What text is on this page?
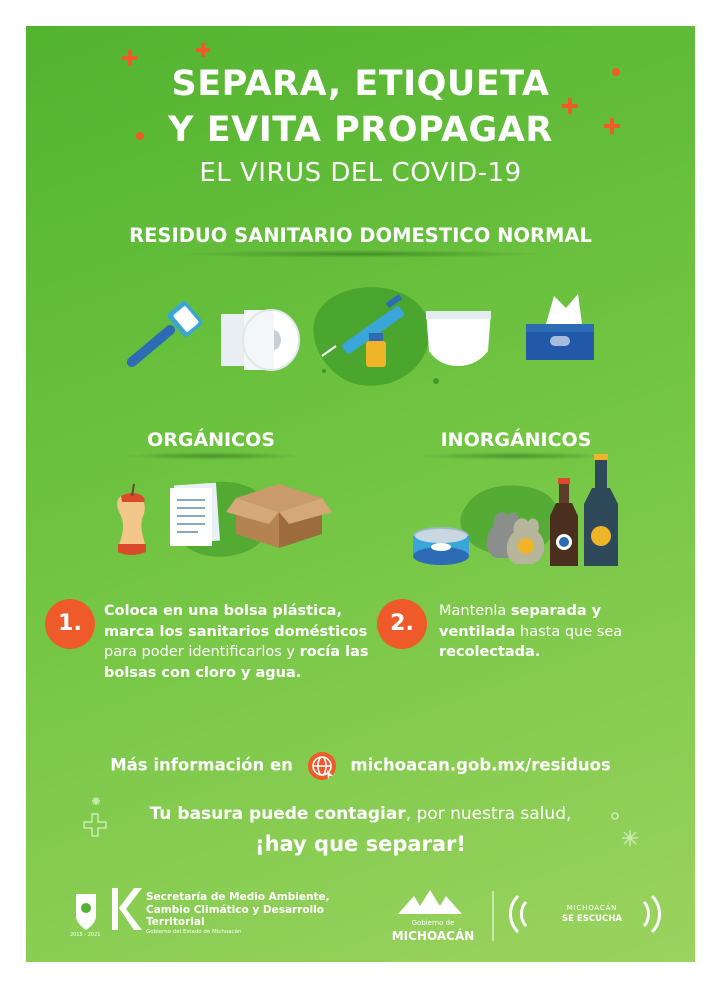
SEPARA, ETIQUETA
Y EVITA PROPAGAR
EL VIRUS DEL COVID-19
RESIDUO SANITARIO DOMESTICO NORMAL
ORGÁNICOS	INORGÁNICOS
1.	Coloca en una bolsa plástica, marca los sanitarios domésticos para poder identificarlos y rocía las bolsas con cloro y agua.

2.	Mantenla separada y ventilada hasta que sea recolectada.

Más información en	michoacan.gob.mx/residuos
Tu basura puede contagiar, por nuestra salud,
¡hay que separar!

Secretaría de Medio Ambiente, Cambio Climático y Desarrollo Territorial

Gobierno del Estado de Michoacán

2015 - 2021

Gobierno de

MICHOACÁN

MICHOACÁN

SE ESCUCHA
